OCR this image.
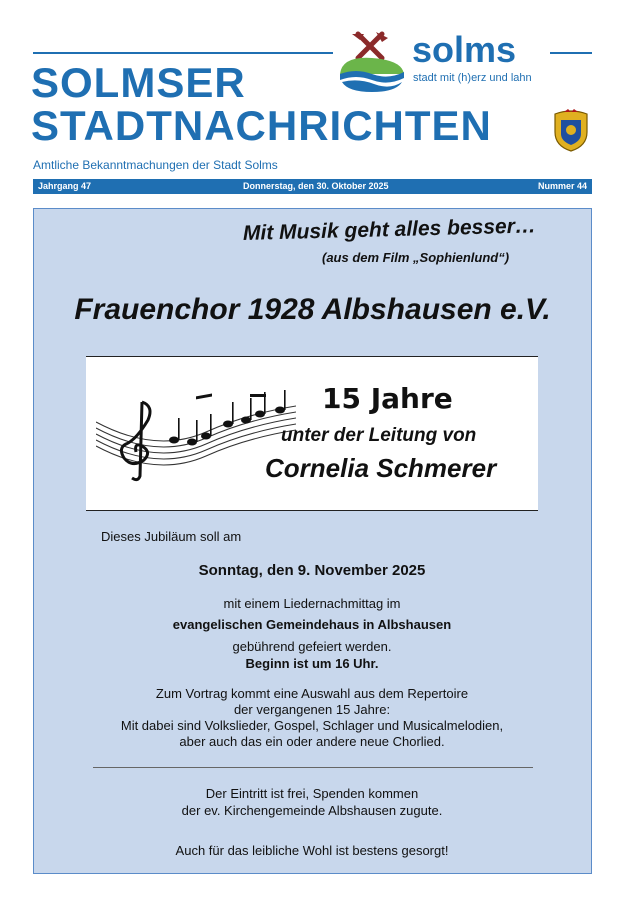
SOLMSER
STADTNACHRICHTEN
Amtliche Bekanntmachungen der Stadt Solms
solms
stadt mit (h)erz und lahn
Jahrgang 47	Donnerstag, den 30. Oktober 2025	Nummer 44
Mit Musik geht alles besser…
(aus dem Film „Sophienlund“)
Frauenchor 1928 Albshausen e.V.
15 Jahre
unter der Leitung von
Cornelia Schmerer
Dieses Jubiläum soll am
Sonntag, den 9. November 2025
mit einem Liedernachmittag im
evangelischen Gemeindehaus in Albshausen
gebührend gefeiert werden.
Beginn ist um 16 Uhr.
Zum Vortrag kommt eine Auswahl aus dem Repertoire
der vergangenen 15 Jahre:
Mit dabei sind Volkslieder, Gospel, Schlager und Musicalmelodien,
aber auch das ein oder andere neue Chorlied.
Der Eintritt ist frei, Spenden kommen
der ev. Kirchengemeinde Albshausen zugute.
Auch für das leibliche Wohl ist bestens gesorgt!
